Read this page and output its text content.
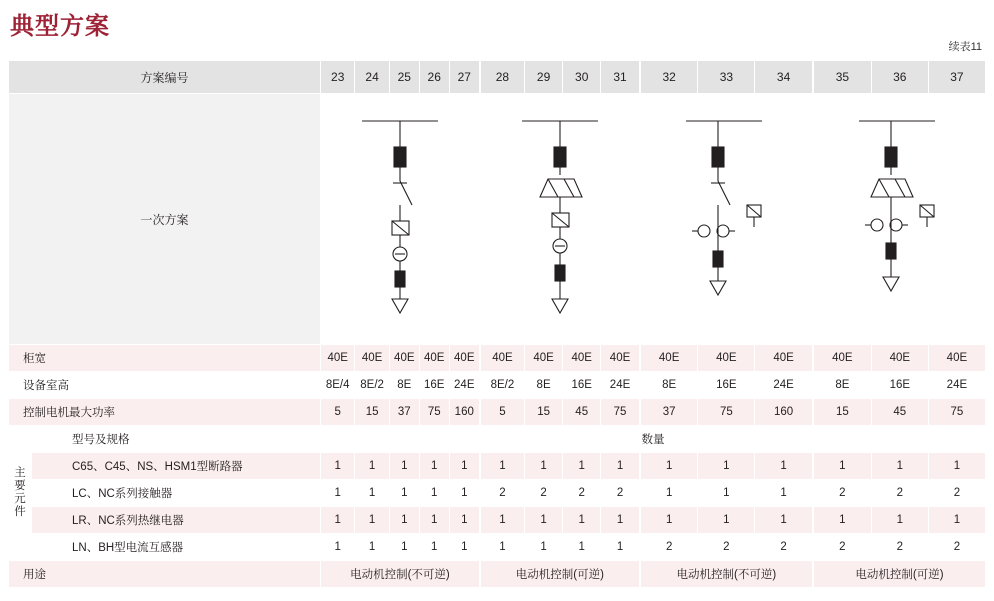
典型方案
续表11
方案编号		23	24	25	26	27	28	29	30	31	32	33	34	35	36	37
一次方案	

柜宽		40E	40E	40E	40E	40E	40E	40E	40E	40E	40E	40E	40E	40E	40E	40E
设备室高		8E/4	8E/2	8E	16E	24E	8E/2	8E	16E	24E	8E	16E	24E	8E	16E	24E
控制电机最大功率		5	15	37	75	160	5	15	45	75	37	75	160	15	45	75
主要元件	型号及规格	数量														
	C65、C45、NS、HSM1型断路器	1	1	1	1	1	1	1	1	1	1	1	1	1	1	1
	LC、NC系列接触器	1	1	1	1	1	2	2	2	2	1	1	1	2	2	2
	LR、NC系列热继电器	1	1	1	1	1	1	1	1	1	1	1	1	1	1	1
	LN、BH型电流互感器	1	1	1	1	1	1	1	1	1	2	2	2	2	2	2
用途		电动机控制(不可逆)					电动机控制(可逆)				电动机控制(不可逆)			电动机控制(可逆)		
